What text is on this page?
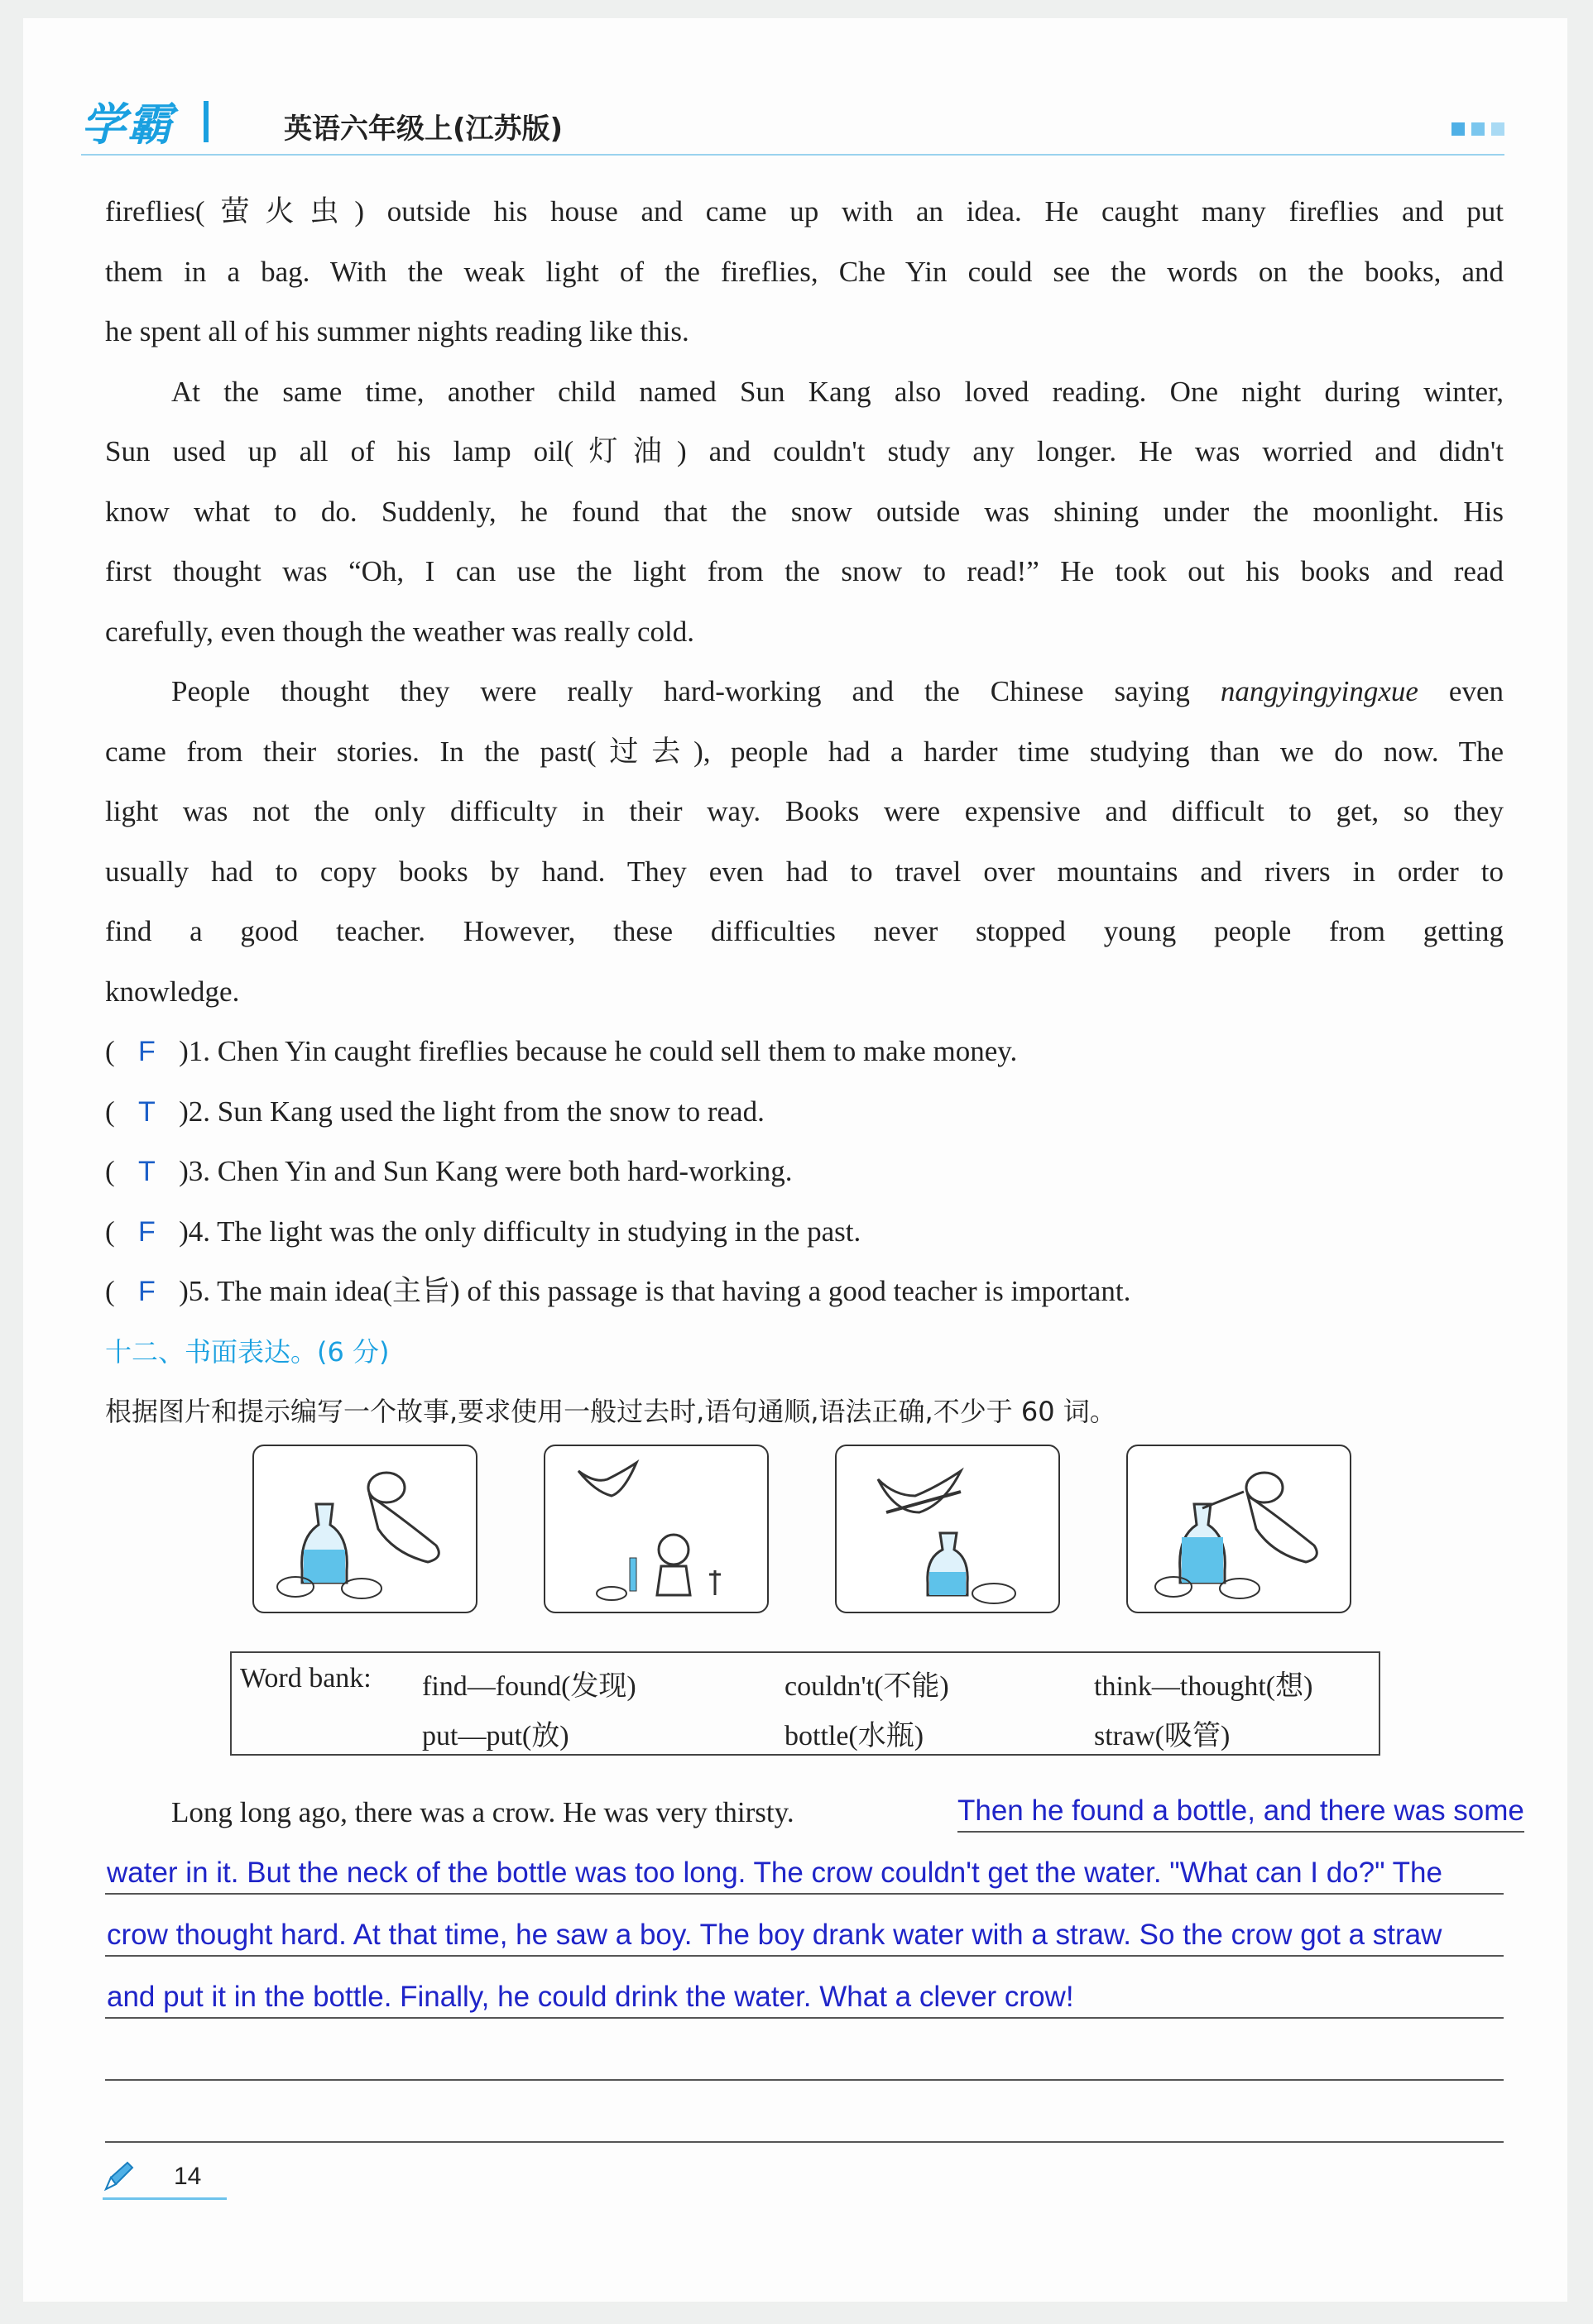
学霸	英语六年级上(江苏版)

fireflies(萤火虫) outside his house and came up with an idea. He caught many fireflies and put

them in a bag. With the weak light of the fireflies, Che Yin could see the words on the books, and

he spent all of his summer nights reading like this.

At the same time, another child named Sun Kang also loved reading. One night during winter,

Sun used up all of his lamp oil(灯油) and couldn't study any longer. He was worried and didn't

know what to do. Suddenly, he found that the snow outside was shining under the moonlight. His

first thought was “Oh, I can use the light from the snow to read!” He took out his books and read

carefully, even though the weather was really cold.

People thought they were really hard-working and the Chinese saying nangyingyingxue even

came from their stories. In the past(过去), people had a harder time studying than we do now. The

light was not the only difficulty in their way. Books were expensive and difficult to get, so they

usually had to copy books by hand. They even had to travel over mountains and rivers in order to

find a good teacher. However, these difficulties never stopped young people from getting

knowledge.

( F )1. Chen Yin caught fireflies because he could sell them to make money.

( T )2. Sun Kang used the light from the snow to read.

( T )3. Chen Yin and Sun Kang were both hard-working.

( F )4. The light was the only difficulty in studying in the past.

( F )5. The main idea(主旨) of this passage is that having a good teacher is important.

十二、书面表达。(6 分)

根据图片和提示编写一个故事,要求使用一般过去时,语句通顺,语法正确,不少于 60 词。

Word bank: find—found(发现)	couldn't(不能)	think—thought(想)
put—put(放)	bottle(水瓶)	straw(吸管)
Long long ago, there was a crow. He was very thirsty.	Then he found a bottle, and there was some
water in it. But the neck of the bottle was too long. The crow couldn't get the water. "What can I do?" The
crow thought hard. At that time, he saw a boy. The boy drank water with a straw. So the crow got a straw
and put it in the bottle. Finally, he could drink the water. What a clever crow!
14
